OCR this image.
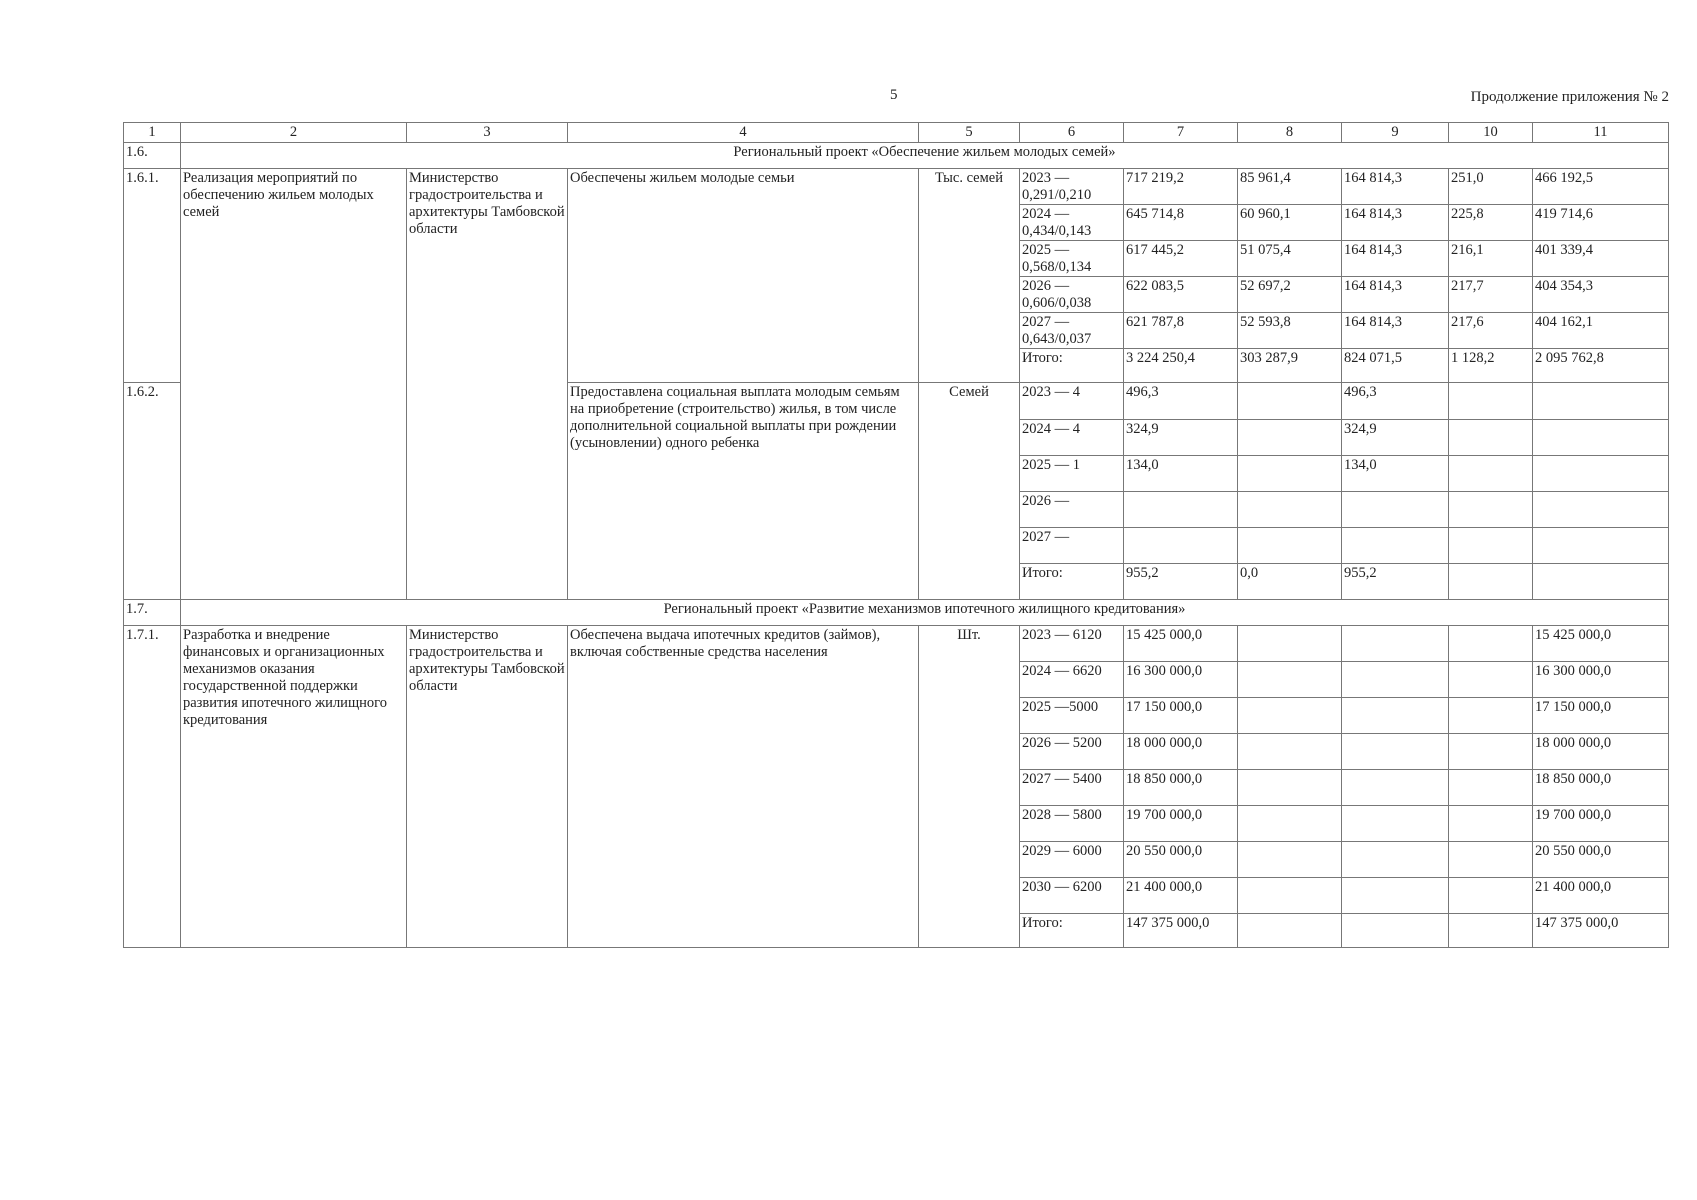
5	Продолжение приложения № 2
1	2	3	4	5	6	7	8	9	10	11
1.6.	Региональный проект «Обеспечение жильем молодых семей»									
1.6.1.	Реализация мероприятий по обеспечению жильем молодых семей	Министерство градостроительства и архитектуры Тамбовской области	Обеспечены жильем молодые семьи	Тыс. семей	2023 — 0,291/0,210	717 219,2	85 961,4	164 814,3	251,0	466 192,5
					2024 — 0,434/0,143	645 714,8	60 960,1	164 814,3	225,8	419 714,6
					2025 — 0,568/0,134	617 445,2	51 075,4	164 814,3	216,1	401 339,4
					2026 — 0,606/0,038	622 083,5	52 697,2	164 814,3	217,7	404 354,3
					2027 — 0,643/0,037	621 787,8	52 593,8	164 814,3	217,6	404 162,1
					Итого:	3 224 250,4	303 287,9	824 071,5	1 128,2	2 095 762,8
1.6.2.			Предоставлена социальная выплата молодым семьям на приобретение (строительство) жилья, в том числе дополнительной социальной выплаты при рождении (усыновлении) одного ребенка	Семей	2023 — 4	496,3		496,3		
					2024 — 4	324,9		324,9		
					2025 — 1	134,0		134,0		
					2026 —					
					2027 —					
					Итого:	955,2	0,0	955,2		
1.7.	Региональный проект «Развитие механизмов ипотечного жилищного кредитования»									
1.7.1.	Разработка и внедрение финансовых и организационных механизмов оказания государственной поддержки развития ипотечного жилищного кредитования	Министерство градостроительства и архитектуры Тамбовской области	Обеспечена выдача ипотечных кредитов (займов), включая собственные средства населения	Шт.	2023 — 6120	15 425 000,0				15 425 000,0
					2024 — 6620	16 300 000,0				16 300 000,0
					2025 —5000	17 150 000,0				17 150 000,0
					2026 — 5200	18 000 000,0				18 000 000,0
					2027 — 5400	18 850 000,0				18 850 000,0
					2028 — 5800	19 700 000,0				19 700 000,0
					2029 — 6000	20 550 000,0				20 550 000,0
					2030 — 6200	21 400 000,0				21 400 000,0
					Итого:	147 375 000,0				147 375 000,0
